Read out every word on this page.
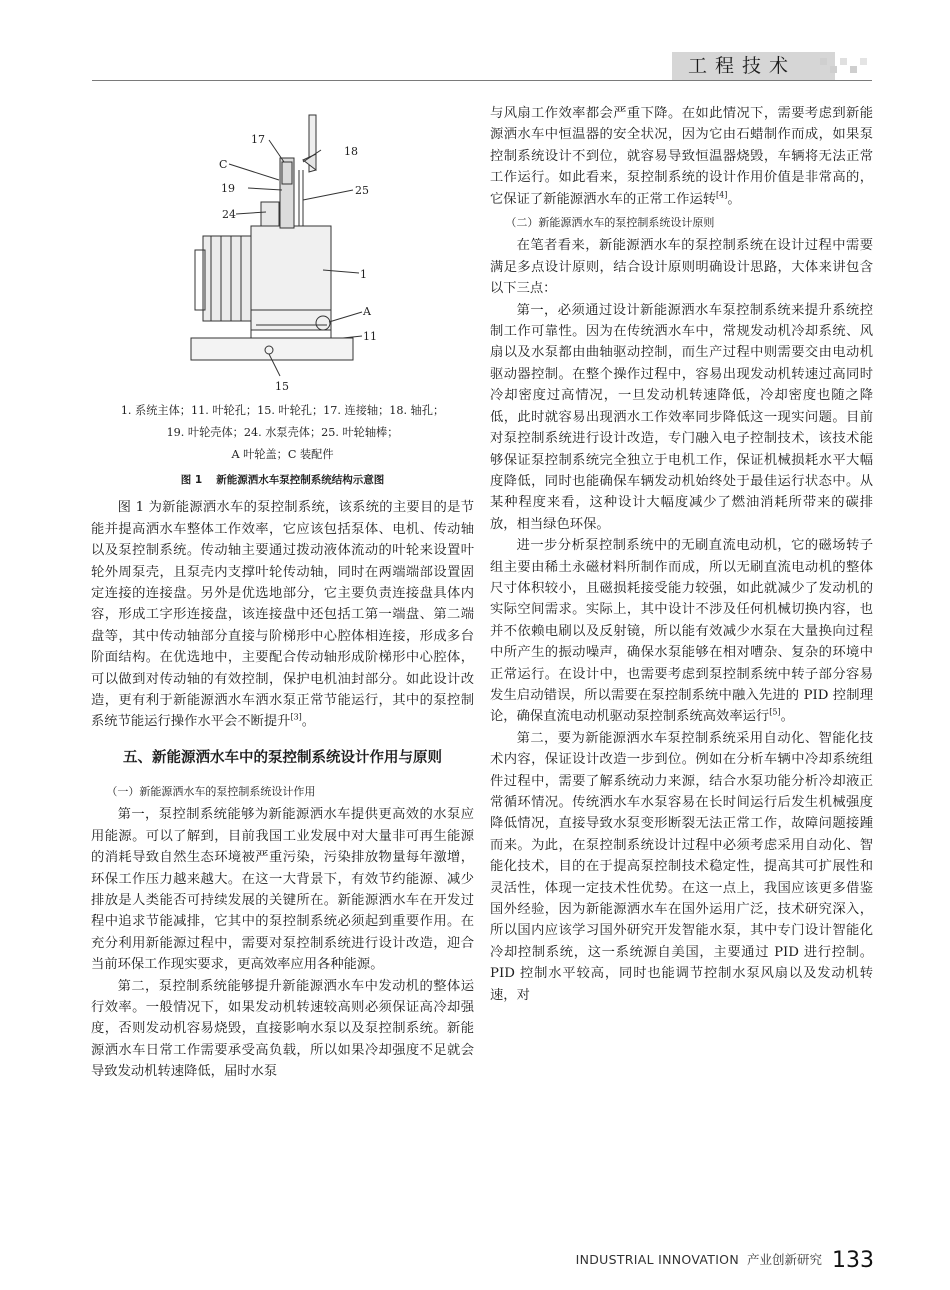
工程技术
17
18
C
19	25
24
1
A
11
15
1. 系统主体；11. 叶轮孔；15. 叶轮孔；17. 连接轴；18. 轴孔；
19. 叶轮壳体；24. 水泵壳体；25. 叶轮轴棒；
A 叶轮盖；C 装配件
图 1 新能源洒水车泵控制系统结构示意图

图 1 为新能源洒水车的泵控制系统，该系统的主要目的是节能并提高洒水车整体工作效率，它应该包括泵体、电机、传动轴以及泵控制系统。传动轴主要通过拨动液体流动的叶轮来设置叶轮外周泵壳，且泵壳内支撑叶轮传动轴，同时在两端端部设置固定连接的连接盘。另外是优选地部分，它主要负责连接盘具体内容，形成工字形连接盘，该连接盘中还包括工第一端盘、第二端盘等，其中传动轴部分直接与阶梯形中心腔体相连接，形成多台阶面结构。在优选地中，主要配合传动轴形成阶梯形中心腔体，可以做到对传动轴的有效控制，保护电机油封部分。如此设计改造，更有利于新能源洒水车洒水泵正常节能运行，其中的泵控制系统节能运行操作水平会不断提升[3]。

五、新能源洒水车中的泵控制系统设计作用与原则

（一）新能源洒水车的泵控制系统设计作用

第一，泵控制系统能够为新能源洒水车提供更高效的水泵应用能源。可以了解到，目前我国工业发展中对大量非可再生能源的消耗导致自然生态环境被严重污染，污染排放物量每年激增，环保工作压力越来越大。在这一大背景下，有效节约能源、减少排放是人类能否可持续发展的关键所在。新能源洒水车在开发过程中追求节能减排，它其中的泵控制系统必须起到重要作用。在充分利用新能源过程中，需要对泵控制系统进行设计改造，迎合当前环保工作现实要求，更高效率应用各种能源。

第二，泵控制系统能够提升新能源洒水车中发动机的整体运行效率。一般情况下，如果发动机转速较高则必须保证高冷却强度，否则发动机容易烧毁，直接影响水泵以及泵控制系统。新能源洒水车日常工作需要承受高负载，所以如果冷却强度不足就会导致发动机转速降低，届时水泵

与风扇工作效率都会严重下降。在如此情况下，需要考虑到新能源洒水车中恒温器的安全状况，因为它由石蜡制作而成，如果泵控制系统设计不到位，就容易导致恒温器烧毁，车辆将无法正常工作运行。如此看来，泵控制系统的设计作用价值是非常高的，它保证了新能源洒水车的正常工作运转[4]。

（二）新能源洒水车的泵控制系统设计原则

在笔者看来，新能源洒水车的泵控制系统在设计过程中需要满足多点设计原则，结合设计原则明确设计思路，大体来讲包含以下三点：

第一，必须通过设计新能源洒水车泵控制系统来提升系统控制工作可靠性。因为在传统洒水车中，常规发动机冷却系统、风扇以及水泵都由曲轴驱动控制，而生产过程中则需要交由电动机驱动器控制。在整个操作过程中，容易出现发动机转速过高同时冷却密度过高情况，一旦发动机转速降低，冷却密度也随之降低，此时就容易出现洒水工作效率同步降低这一现实问题。目前对泵控制系统进行设计改造，专门融入电子控制技术，该技术能够保证泵控制系统完全独立于电机工作，保证机械损耗水平大幅度降低，同时也能确保车辆发动机始终处于最佳运行状态中。从某种程度来看，这种设计大幅度减少了燃油消耗所带来的碳排放，相当绿色环保。

进一步分析泵控制系统中的无刷直流电动机，它的磁场转子组主要由稀土永磁材料所制作而成，所以无刷直流电动机的整体尺寸体积较小，且磁损耗接受能力较强，如此就减少了发动机的实际空间需求。实际上，其中设计不涉及任何机械切换内容，也并不依赖电刷以及反射镜，所以能有效减少水泵在大量换向过程中所产生的振动噪声，确保水泵能够在相对嘈杂、复杂的环境中正常运行。在设计中，也需要考虑到泵控制系统中转子部分容易发生启动错误，所以需要在泵控制系统中融入先进的 PID 控制理论，确保直流电动机驱动泵控制系统高效率运行[5]。

第二，要为新能源洒水车泵控制系统采用自动化、智能化技术内容，保证设计改造一步到位。例如在分析车辆中冷却系统组件过程中，需要了解系统动力来源，结合水泵功能分析冷却液正常循环情况。传统洒水车水泵容易在长时间运行后发生机械强度降低情况，直接导致水泵变形断裂无法正常工作，故障问题接踵而来。为此，在泵控制系统设计过程中必须考虑采用自动化、智能化技术，目的在于提高泵控制技术稳定性，提高其可扩展性和灵活性，体现一定技术性优势。在这一点上，我国应该更多借鉴国外经验，因为新能源洒水车在国外运用广泛，技术研究深入，所以国内应该学习国外研究开发智能水泵，其中专门设计智能化冷却控制系统，这一系统源自美国，主要通过 PID 进行控制。PID 控制水平较高，同时也能调节控制水泵风扇以及发动机转速，对

INDUSTRIAL INNOVATION 产业创新研究 133
